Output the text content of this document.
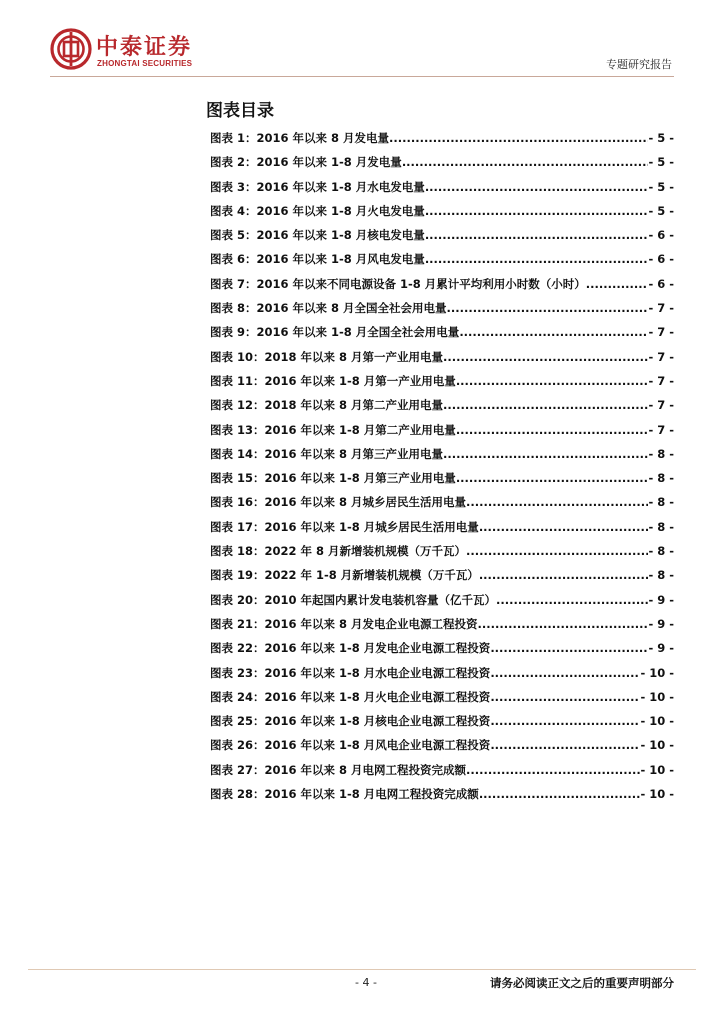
中泰证券
ZHONGTAI SECURITIES	专题研究报告
图表目录
图表 1：2016 年以来 8 月发电量 .....	- 5 -
图表 2：2016 年以来 1-8 月发电量 .....	- 5 -
图表 3：2016 年以来 1-8 月水电发电量 .....	- 5 -
图表 4：2016 年以来 1-8 月火电发电量 .....	- 5 -
图表 5：2016 年以来 1-8 月核电发电量 .....	- 6 -
图表 6：2016 年以来 1-8 月风电发电量 .....	- 6 -
图表 7：2016 年以来不同电源设备 1-8 月累计平均利用小时数（小时） .....	- 6 -
图表 8：2016 年以来 8 月全国全社会用电量 .....	- 7 -
图表 9：2016 年以来 1-8 月全国全社会用电量 .....	- 7 -
图表 10：2018 年以来 8 月第一产业用电量 .....	- 7 -
图表 11：2016 年以来 1-8 月第一产业用电量 .....	- 7 -
图表 12：2018 年以来 8 月第二产业用电量 .....	- 7 -
图表 13：2016 年以来 1-8 月第二产业用电量 .....	- 7 -
图表 14：2016 年以来 8 月第三产业用电量 .....	- 8 -
图表 15：2016 年以来 1-8 月第三产业用电量 .....	- 8 -
图表 16：2016 年以来 8 月城乡居民生活用电量 .....	- 8 -
图表 17：2016 年以来 1-8 月城乡居民生活用电量 .....	- 8 -
图表 18：2022 年 8 月新增装机规模（万千瓦） .....	- 8 -
图表 19：2022 年 1-8 月新增装机规模（万千瓦） .....	- 8 -
图表 20：2010 年起国内累计发电装机容量（亿千瓦） .....	- 9 -
图表 21：2016 年以来 8 月发电企业电源工程投资 .....	- 9 -
图表 22：2016 年以来 1-8 月发电企业电源工程投资 .....	- 9 -
图表 23：2016 年以来 1-8 月水电企业电源工程投资 .....	- 10 -
图表 24：2016 年以来 1-8 月火电企业电源工程投资 .....	- 10 -
图表 25：2016 年以来 1-8 月核电企业电源工程投资 .....	- 10 -
图表 26：2016 年以来 1-8 月风电企业电源工程投资 .....	- 10 -
图表 27：2016 年以来 8 月电网工程投资完成额 .....	- 10 -
图表 28：2016 年以来 1-8 月电网工程投资完成额 .....	- 10 -
- 4 -	请务必阅读正文之后的重要声明部分
